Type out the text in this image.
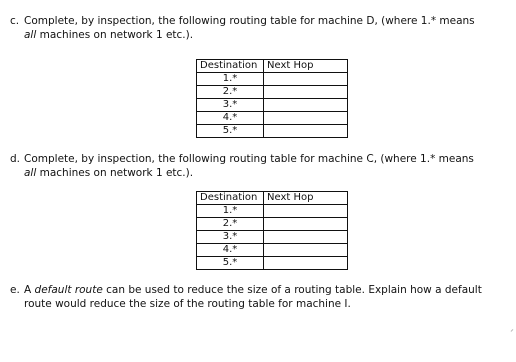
c. Complete, by inspection, the following routing table for machine D, (where 1.* means
all machines on network 1 etc.).
Destination	Next Hop
1.*	
2.*	
3.*	
4.*	
5.*	
d. Complete, by inspection, the following routing table for machine C, (where 1.* means
all machines on network 1 etc.).
Destination	Next Hop
1.*	
2.*	
3.*	
4.*	
5.*	
e. A default route can be used to reduce the size of a routing table. Explain how a default
route would reduce the size of the routing table for machine I.
